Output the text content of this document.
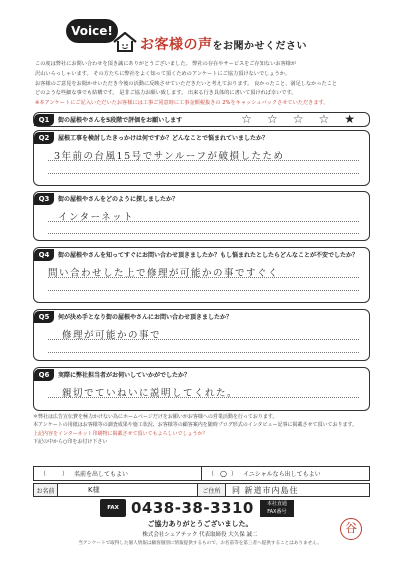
Voice!
お客様の声をお聞かせください
この度は弊社にお問い合わせを頂き誠にありがとうございました。 弊社の存在やサービスをご存知ないお客様が
沢山いらっしゃいます。 その方たちに弊社をよく知って頂くためのアンケートにご協力頂けないでしょうか。
お客様のご意見をお聞かせいただき今後の活動に反映させていただきたいと考えております。 良かったこと、満足しなかったこと
どのような些細な事でも結構です。 是非ご協力お願い致します。 出来る行き具体的に書いて頂ければ幸いです。
※本アンケートにご記入いただいたお客様には工事ご同意時に工事金額税抜きの 2%をキャッシュバックさせていただきます。
Q1	街の屋根やさんを5段階で評価をお願いします	☆ ☆ ☆ ☆ ★
Q2	屋根工事を検討したきっかけは何ですか？どんなことで悩まれていましたか？
3年前の台風15号でサンルーフが破損したため
Q3	街の屋根やさんをどのように探しましたか？
インターネット
Q4	街の屋根やさんを知ってすぐにお問い合わせ頂きましたか？もし悩まれたとしたらどんなことが不安でしたか？
問い合わせした上で修理が可能かの事ですぐく
Q5	何が決め手となり街の屋根やさんにお問い合わせ頂きましたか？
修理が可能かの事で
Q6	実際に弊社担当者がお伺いしていかがでしたか？
親切でていねいに説明してくれた。
＊弊社は広告宣伝費を極力かけない為にホームページだけをお願いがお客様への営業活動を行っております。
本アンケートの用紙はお客様等の調査成果や施工状況、お客様等の顧客案内を随時ブログ形式のインタビュー記事に掲載させて頂いております。
上記内容をインターネット印刷物に掲載させて頂いてもよろしいでしょうか？
下記の中から○印をお付け下さい
（ ） 名前を出してもよい	（ ○ ） イニシャルなら出してもよい
お名前	K様	ご住所	同 新道市内島住
FAX 0438-38-3310	本社直通
FAX番号
ご協力ありがとうございました。
株式会社シェアテック 代表取締役 大久保 誠二
当アンケートで取得した個人情報は顧客個別に情報提供するもので、お名前等を第三者へ提供することはありません。
谷
